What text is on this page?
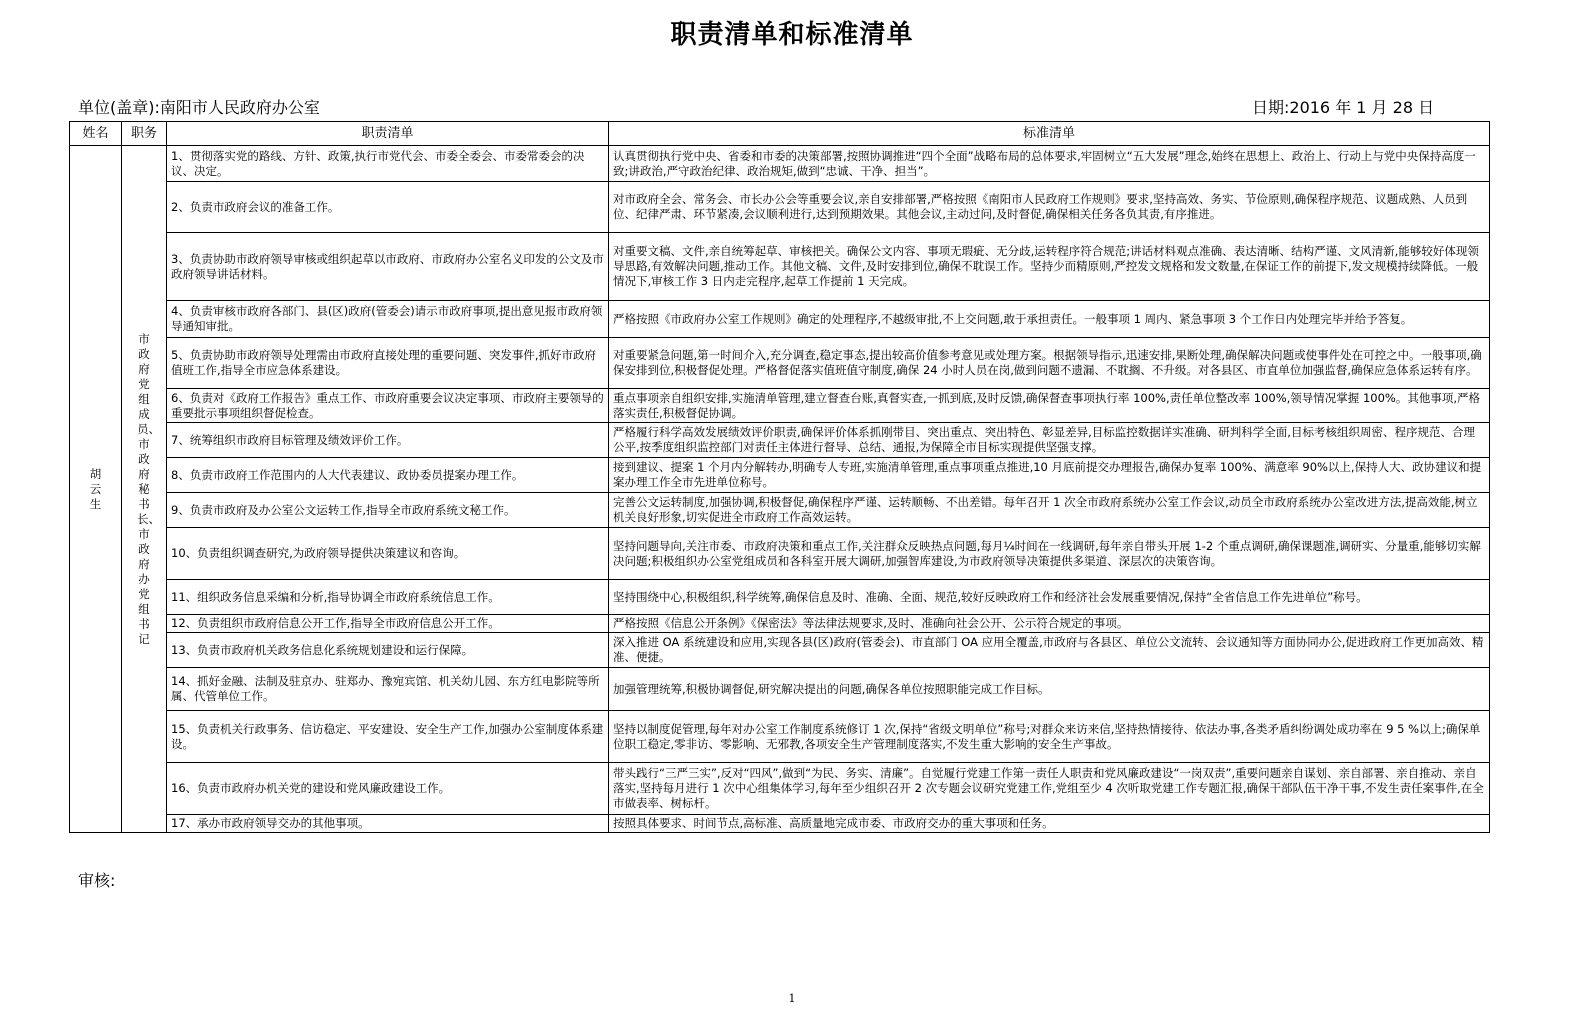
职责清单和标准清单
单位(盖章):南阳市人民政府办公室	日期:2016 年 1 月 28 日
姓名	职务	职责清单	标准清单
胡云生	市政府党组成员、市政府秘书长、市政府办党组书记	1、贯彻落实党的路线、方针、政策,执行市党代会、市委全委会、市委常委会的决议、决定。	认真贯彻执行党中央、省委和市委的决策部署,按照协调推进“四个全面”战略布局的总体要求,牢固树立“五大发展”理念,始终在思想上、政治上、行动上与党中央保持高度一致;讲政治,严守政治纪律、政治规矩,做到“忠诚、干净、担当”。
		2、负责市政府会议的准备工作。	对市政府全会、常务会、市长办公会等重要会议,亲自安排部署,严格按照《南阳市人民政府工作规则》要求,坚持高效、务实、节俭原则,确保程序规范、议题成熟、人员到位、纪律严肃、环节紧凑,会议顺利进行,达到预期效果。其他会议,主动过问,及时督促,确保相关任务各负其责,有序推进。
		3、负责协助市政府领导审核或组织起草以市政府、市政府办公室名义印发的公文及市政府领导讲话材料。	对重要文稿、文件,亲自统筹起草、审核把关。确保公文内容、事项无瑕疵、无分歧,运转程序符合规范;讲话材料观点准确、表达清晰、结构严谨、文风清新,能够较好体现领导思路,有效解决问题,推动工作。其他文稿、文件,及时安排到位,确保不耽误工作。坚持少而精原则,严控发文规格和发文数量,在保证工作的前提下,发文规模持续降低。一般情况下,审核工作 3 日内走完程序,起草工作提前 1 天完成。
		4、负责审核市政府各部门、县(区)政府(管委会)请示市政府事项,提出意见报市政府领导通知审批。	严格按照《市政府办公室工作规则》确定的处理程序,不越级审批,不上交问题,敢于承担责任。一般事项 1 周内、紧急事项 3 个工作日内处理完毕并给予答复。
		5、负责协助市政府领导处理需由市政府直接处理的重要问题、突发事件,抓好市政府值班工作,指导全市应急体系建设。	对重要紧急问题,第一时间介入,充分调查,稳定事态,提出较高价值参考意见或处理方案。根据领导指示,迅速安排,果断处理,确保解决问题或使事件处在可控之中。一般事项,确保安排到位,积极督促处理。严格督促落实值班值守制度,确保 24 小时人员在岗,做到问题不遗漏、不耽搁、不升级。对各县区、市直单位加强监督,确保应急体系运转有序。
		6、负责对《政府工作报告》重点工作、市政府重要会议决定事项、市政府主要领导的重要批示事项组织督促检查。	重点事项亲自组织安排,实施清单管理,建立督查台账,真督实查,一抓到底,及时反馈,确保督查事项执行率 100%,责任单位整改率 100%,领导情况掌握 100%。其他事项,严格落实责任,积极督促协调。
		7、统筹组织市政府目标管理及绩效评价工作。	严格履行科学高效发展绩效评价职责,确保评价体系抓刚带目、突出重点、突出特色、彰显差异,目标监控数据详实准确、研判科学全面,目标考核组织周密、程序规范、合理公平,按季度组织监控部门对责任主体进行督导、总结、通报,为保障全市目标实现提供坚强支撑。
		8、负责市政府工作范围内的人大代表建议、政协委员提案办理工作。	接到建议、提案 1 个月内分解转办,明确专人专班,实施清单管理,重点事项重点推进,10 月底前提交办理报告,确保办复率 100%、满意率 90%以上,保持人大、政协建议和提案办理工作全市先进单位称号。
		9、负责市政府及办公室公文运转工作,指导全市政府系统文秘工作。	完善公文运转制度,加强协调,积极督促,确保程序严谨、运转顺畅、不出差错。每年召开 1 次全市政府系统办公室工作会议,动员全市政府系统办公室改进方法,提高效能,树立机关良好形象,切实促进全市政府工作高效运转。
		10、负责组织调查研究,为政府领导提供决策建议和咨询。	坚持问题导向,关注市委、市政府决策和重点工作,关注群众反映热点问题,每月¼时间在一线调研,每年亲自带头开展 1-2 个重点调研,确保课题准,调研实、分量重,能够切实解决问题;积极组织办公室党组成员和各科室开展大调研,加强智库建设,为市政府领导决策提供多渠道、深层次的决策咨询。
		11、组织政务信息采编和分析,指导协调全市政府系统信息工作。	坚持围绕中心,积极组织,科学统筹,确保信息及时、准确、全面、规范,较好反映政府工作和经济社会发展重要情况,保持“全省信息工作先进单位”称号。
		12、负责组织市政府信息公开工作,指导全市政府信息公开工作。	严格按照《信息公开条例》《保密法》等法律法规要求,及时、准确向社会公开、公示符合规定的事项。
		13、负责市政府机关政务信息化系统规划建设和运行保障。	深入推进 OA 系统建设和应用,实现各县(区)政府(管委会)、市直部门 OA 应用全覆盖,市政府与各县区、单位公文流转、会议通知等方面协同办公,促进政府工作更加高效、精准、便捷。
		14、抓好金融、法制及驻京办、驻郑办、豫宛宾馆、机关幼儿园、东方红电影院等所属、代管单位工作。	加强管理统筹,积极协调督促,研究解决提出的问题,确保各单位按照职能完成工作目标。
		15、负责机关行政事务、信访稳定、平安建设、安全生产工作,加强办公室制度体系建设。	坚持以制度促管理,每年对办公室工作制度系统修订 1 次,保持“省级文明单位”称号;对群众来访来信,坚持热情接待、依法办事,各类矛盾纠纷调处成功率在 9 5 %以上;确保单位职工稳定,零非访、零影响、无邪教,各项安全生产管理制度落实,不发生重大影响的安全生产事故。
		16、负责市政府办机关党的建设和党风廉政建设工作。	带头践行“三严三实”,反对“四风”,做到“为民、务实、清廉”。自觉履行党建工作第一责任人职责和党风廉政建设“一岗双责”,重要问题亲自谋划、亲自部署、亲自推动、亲自落实,坚持每月进行 1 次中心组集体学习,每年至少组织召开 2 次专题会议研究党建工作,党组至少 4 次听取党建工作专题汇报,确保干部队伍干净干事,不发生责任案事件,在全市做表率、树标杆。
		17、承办市政府领导交办的其他事项。	按照具体要求、时间节点,高标准、高质量地完成市委、市政府交办的重大事项和任务。
审核:
1
